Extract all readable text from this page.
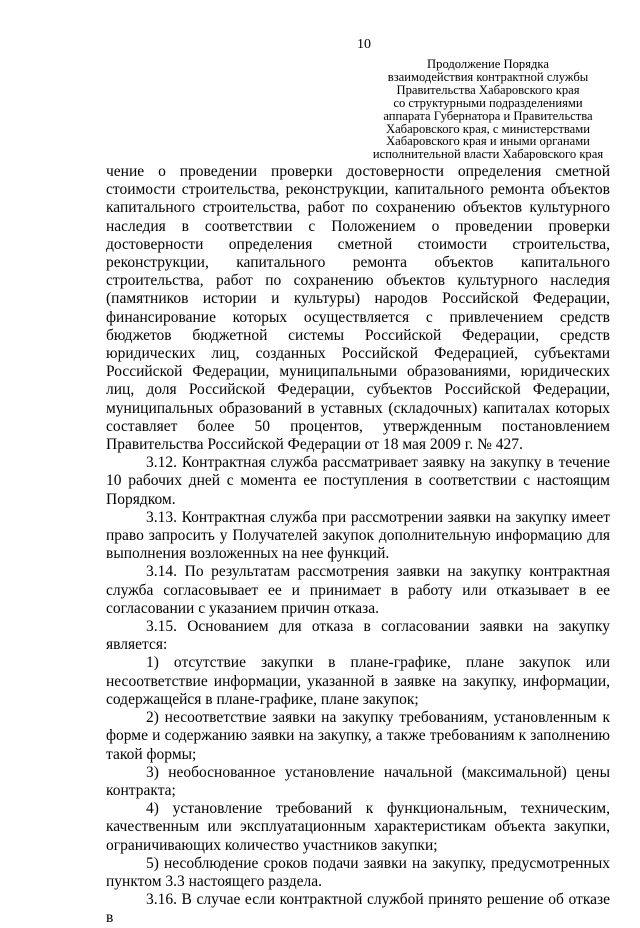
10
Продолжение Порядка
взаимодействия контрактной службы
Правительства Хабаровского края
со структурными подразделениями
аппарата Губернатора и Правительства
Хабаровского края, с министерствами
Хабаровского края и иными органами
исполнительной власти Хабаровского края

чение о проведении проверки достоверности определения сметной стоимости строительства, реконструкции, капитального ремонта объектов капитального строительства, работ по сохранению объектов культурного наследия в соответствии с Положением о проведении проверки достоверности определения сметной стоимости строительства, реконструкции, капитального ремонта объектов капитального строительства, работ по сохранению объектов культурного наследия (памятников истории и культуры) народов Российской Федерации, финансирование которых осуществляется с привлечением средств бюджетов бюджетной системы Российской Федерации, средств юридических лиц, созданных Российской Федерацией, субъектами Российской Федерации, муниципальными образованиями, юридических лиц, доля Российской Федерации, субъектов Российской Федерации, муниципальных образований в уставных (складочных) капиталах которых составляет более 50 процентов, утвержденным постановлением Правительства Российской Федерации от 18 мая 2009 г. № 427.

3.12. Контрактная служба рассматривает заявку на закупку в течение 10 рабочих дней с момента ее поступления в соответствии с настоящим Порядком.

3.13. Контрактная служба при рассмотрении заявки на закупку имеет право запросить у Получателей закупок дополнительную информацию для выполнения возложенных на нее функций.

3.14. По результатам рассмотрения заявки на закупку контрактная служба согласовывает ее и принимает в работу или отказывает в ее согласовании с указанием причин отказа.

3.15. Основанием для отказа в согласовании заявки на закупку является:

1) отсутствие закупки в плане-графике, плане закупок или несоответствие информации, указанной в заявке на закупку, информации, содержащейся в плане-графике, плане закупок;

2) несоответствие заявки на закупку требованиям, установленным к форме и содержанию заявки на закупку, а также требованиям к заполнению такой формы;

3) необоснованное установление начальной (максимальной) цены контракта;

4) установление требований к функциональным, техническим, качественным или эксплуатационным характеристикам объекта закупки, ограничивающих количество участников закупки;

5) несоблюдение сроков подачи заявки на закупку, предусмотренных пунктом 3.3 настоящего раздела.

3.16. В случае если контрактной службой принято решение об отказе в
